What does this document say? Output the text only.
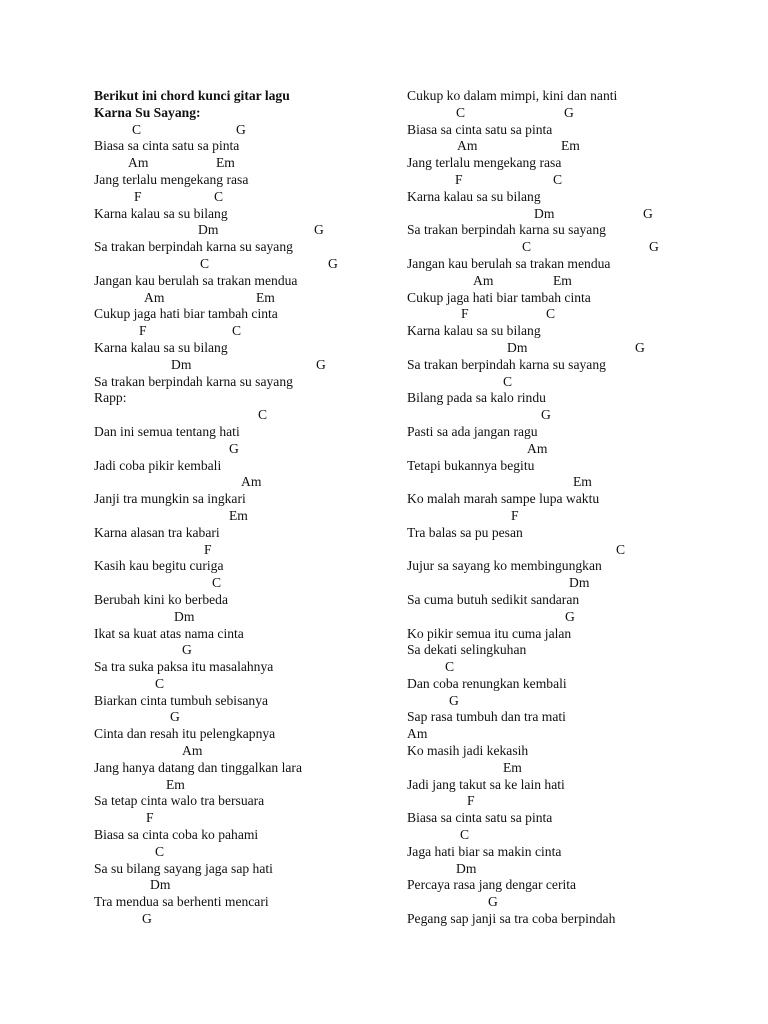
Berikut ini chord kunci gitar lagu
Karna Su Sayang:
C	G
Biasa sa cinta satu sa pinta
Am	Em
Jang terlalu mengekang rasa
F	C
Karna kalau sa su bilang
Dm	G
Sa trakan berpindah karna su sayang
C	G
Jangan kau berulah sa trakan mendua
Am	Em
Cukup jaga hati biar tambah cinta
F	C
Karna kalau sa su bilang
Dm	G
Sa trakan berpindah karna su sayang
Rapp:
C
Dan ini semua tentang hati
G
Jadi coba pikir kembali
Am
Janji tra mungkin sa ingkari
Em
Karna alasan tra kabari
F
Kasih kau begitu curiga
C
Berubah kini ko berbeda
Dm
Ikat sa kuat atas nama cinta
G
Sa tra suka paksa itu masalahnya
C
Biarkan cinta tumbuh sebisanya
G
Cinta dan resah itu pelengkapnya
Am
Jang hanya datang dan tinggalkan lara
Em
Sa tetap cinta walo tra bersuara
F
Biasa sa cinta coba ko pahami
C
Sa su bilang sayang jaga sap hati
Dm
Tra mendua sa berhenti mencari
G
Cukup ko dalam mimpi, kini dan nanti
C	G
Biasa sa cinta satu sa pinta
Am	Em
Jang terlalu mengekang rasa
F	C
Karna kalau sa su bilang
Dm	G
Sa trakan berpindah karna su sayang
C	G
Jangan kau berulah sa trakan mendua
Am	Em
Cukup jaga hati biar tambah cinta
F	C
Karna kalau sa su bilang
Dm	G
Sa trakan berpindah karna su sayang
C
Bilang pada sa kalo rindu
G
Pasti sa ada jangan ragu
Am
Tetapi bukannya begitu
Em
Ko malah marah sampe lupa waktu
F
Tra balas sa pu pesan
C
Jujur sa sayang ko membingungkan
Dm
Sa cuma butuh sedikit sandaran
G
Ko pikir semua itu cuma jalan
Sa dekati selingkuhan
C
Dan coba renungkan kembali
G
Sap rasa tumbuh dan tra mati
Am
Ko masih jadi kekasih
Em
Jadi jang takut sa ke lain hati
F
Biasa sa cinta satu sa pinta
C
Jaga hati biar sa makin cinta
Dm
Percaya rasa jang dengar cerita
G
Pegang sap janji sa tra coba berpindah
